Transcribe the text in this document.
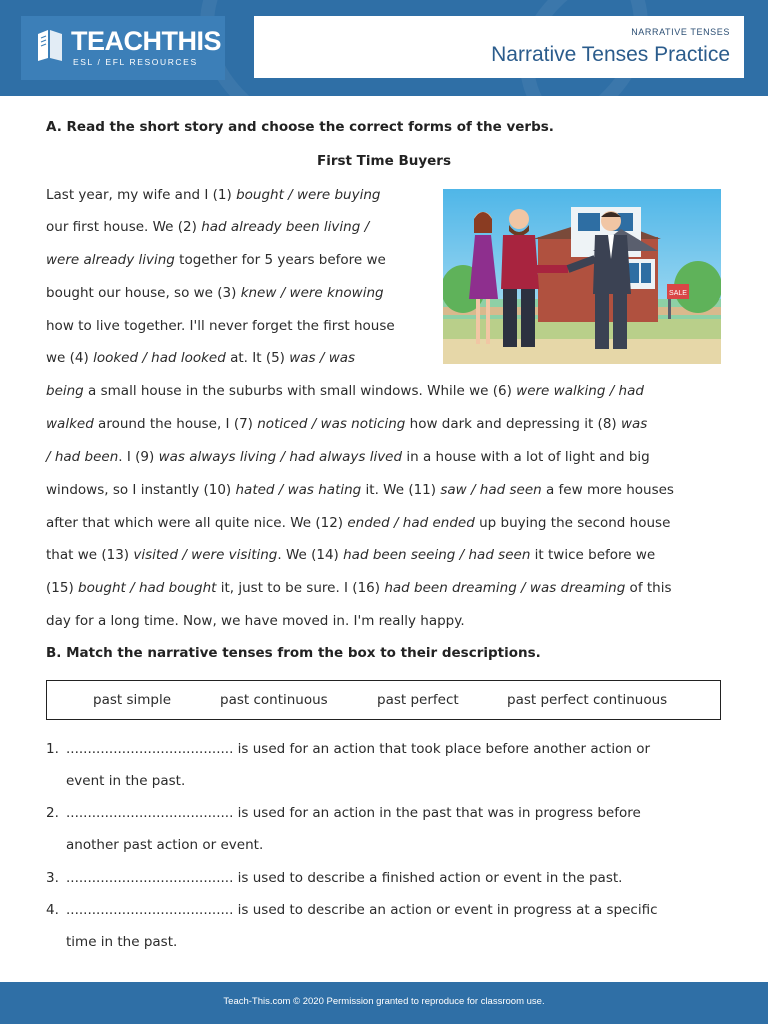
TEACHTHIS
ESL / EFL RESOURCES
NARRATIVE TENSES
Narrative Tenses Practice
A. Read the short story and choose the correct forms of the verbs.
First Time Buyers
Last year, my wife and I (1) bought / were buying
our first house. We (2) had already been living /
were already living together for 5 years before we
bought our house, so we (3) knew / were knowing
how to live together. I'll never forget the first house
we (4) looked / had looked at. It (5) was / was
being a small house in the suburbs with small windows. While we (6) were walking / had
walked around the house, I (7) noticed / was noticing how dark and depressing it (8) was
/ had been. I (9) was always living / had always lived in a house with a lot of light and big
windows, so I instantly (10) hated / was hating it. We (11) saw / had seen a few more houses
after that which were all quite nice. We (12) ended / had ended up buying the second house
that we (13) visited / were visiting. We (14) had been seeing / had seen it twice before we
(15) bought / had bought it, just to be sure. I (16) had been dreaming / was dreaming of this
day for a long time. Now, we have moved in. I'm really happy.
SALE
B. Match the narrative tenses from the box to their descriptions.
past simple	past continuous	past perfect	past perfect continuous
1. ....................................... is used for an action that took place before another action or
event in the past.
2. ....................................... is used for an action in the past that was in progress before
another past action or event.
3. ....................................... is used to describe a finished action or event in the past.
4. ....................................... is used to describe an action or event in progress at a specific
time in the past.
Teach-This.com © 2020 Permission granted to reproduce for classroom use.
